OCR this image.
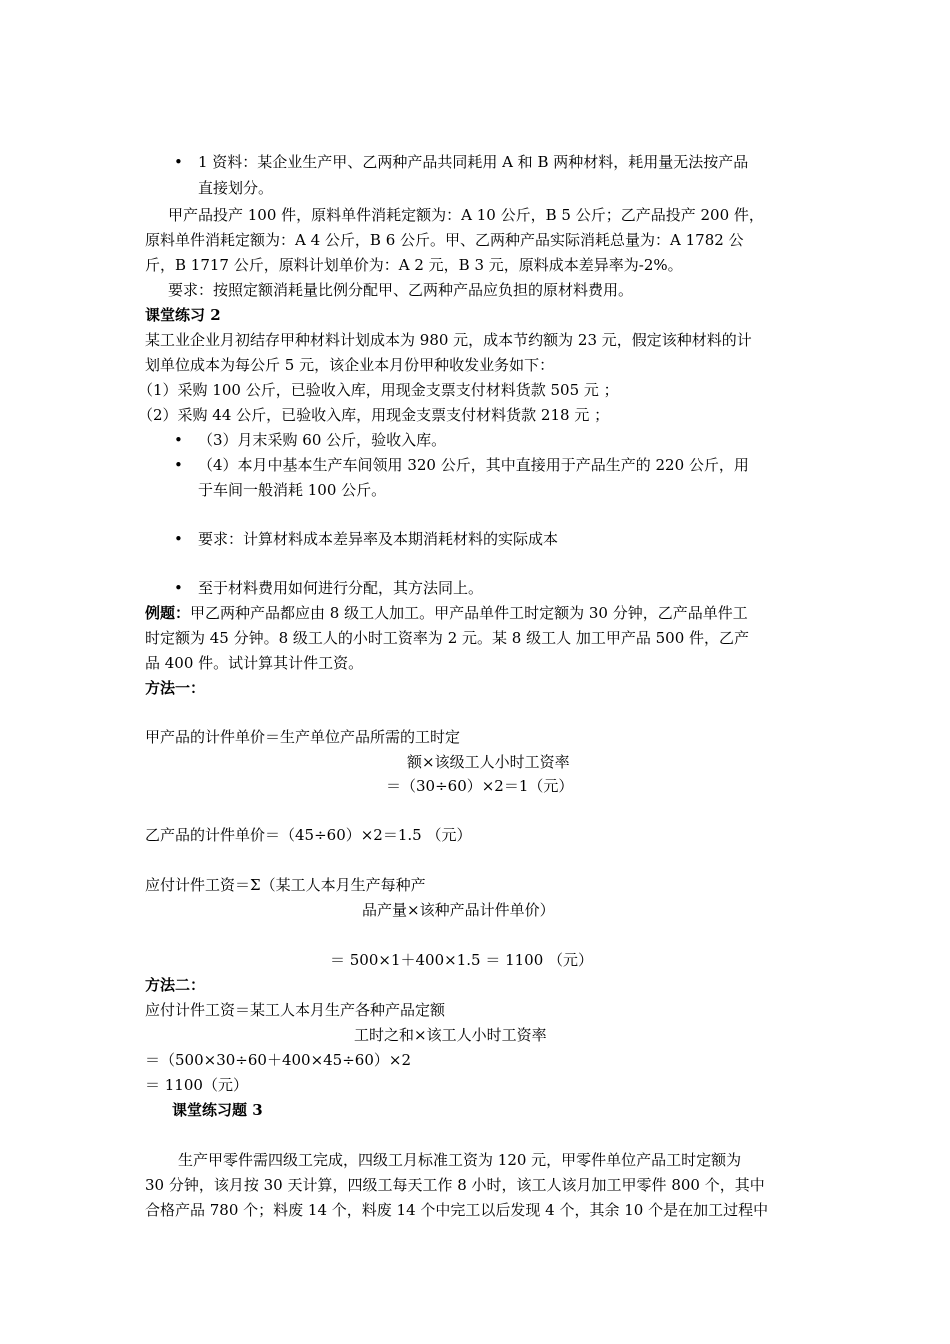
• 1 资料：某企业生产甲、乙两种产品共同耗用 A 和 B 两种材料，耗用量无法按产品
直接划分。
甲产品投产 100 件，原料单件消耗定额为：A 10 公斤，B 5 公斤；乙产品投产 200 件，
原料单件消耗定额为：A 4 公斤，B 6 公斤。甲、乙两种产品实际消耗总量为：A 1782 公
斤，B 1717 公斤，原料计划单价为：A 2 元，B 3 元，原料成本差异率为-2%。
要求：按照定额消耗量比例分配甲、乙两种产品应负担的原材料费用。
课堂练习 2
某工业企业月初结存甲种材料计划成本为 980 元，成本节约额为 23 元，假定该种材料的计
划单位成本为每公斤 5 元，该企业本月份甲种收发业务如下：
（1）采购 100 公斤，已验收入库，用现金支票支付材料货款 505 元 ；
（2）采购 44 公斤，已验收入库，用现金支票支付材料货款 218 元 ；
• （3）月末采购 60 公斤，验收入库。
• （4）本月中基本生产车间领用 320 公斤，其中直接用于产品生产的 220 公斤，用
于车间一般消耗 100 公斤。
• 要求：计算材料成本差异率及本期消耗材料的实际成本
• 至于材料费用如何进行分配，其方法同上。
例题：甲乙两种产品都应由 8 级工人加工。甲产品单件工时定额为 30 分钟，乙产品单件工
时定额为 45 分钟。8 级工人的小时工资率为 2 元。某 8 级工人 加工甲产品 500 件，乙产
品 400 件。试计算其计件工资。
方法一：
甲产品的计件单价＝生产单位产品所需的工时定
额×该级工人小时工资率
＝（30÷60）×2＝1（元）
乙产品的计件单价＝（45÷60）×2＝1.5 （元）
应付计件工资＝Σ（某工人本月生产每种产
品产量×该种产品计件单价）
＝ 500×1＋400×1.5 ＝ 1100 （元）
方法二：
应付计件工资＝某工人本月生产各种产品定额
工时之和×该工人小时工资率
＝（500×30÷60＋400×45÷60）×2
＝ 1100（元）
课堂练习题 3
生产甲零件需四级工完成，四级工月标准工资为 120 元，甲零件单位产品工时定额为
30 分钟，该月按 30 天计算，四级工每天工作 8 小时，该工人该月加工甲零件 800 个，其中
合格产品 780 个；料废 14 个，料废 14 个中完工以后发现 4 个，其余 10 个是在加工过程中
